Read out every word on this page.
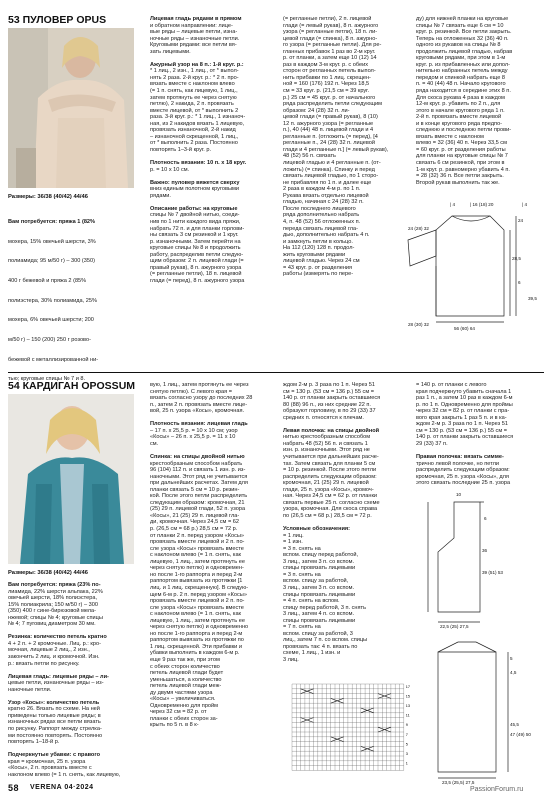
53 ПУЛОВЕР OPUS
Размеры: 36/38 (40/42) 44/46

Вам потребуется: пряжа 1 (82%

мохера, 15% овечьей шерсти, 3%

полиамида; 95 м/50 г) – 300 (350)

400 г бежевой и пряжа 2 (85%

полиэстера, 30% полиамида, 25%

мохера, 6% овечьей шерсти; 200

м/50 г) – 150 (200) 250 г розово-

бежевой с металлизированной ни-

тью; круговые спицы № 7 и 8.

Лицевая гладь рядами в прямом
и обратном направлении: лице-
вые ряды – лицевые петли, изна-
ночные ряды – изнаночные петли.
Круговыми рядами: все петли вя-
зать лицевыми.

Ажурный узор на 8 п.: 1-й круг. р.:
* 1 лиц., 2 изн., 1 лиц., от * выпол-
нять 2 раза. 2-й круг. р.: * 2 п. про-
вязать вместе с наклоном влево
(= 1 п. снять, как лицевую, 1 лиц.,
затем протянуть ее через снятую
петлю), 2 накида, 2 п. провязать
вместе лицевой, от * выполнить 2
раза. 3-й круг. р.: * 1 лиц., 1 изнаноч-
ная, из 2 накидов вязать 1 лицевую,
провязать изнаночной, 2-й накид
– изнаночной скрещенной, 1 лиц.,
от * выполнить 2 раза. Постоянно
повторять 1–3-й круг. р.

Плотность вязания: 10 п. х 18 круг.
р. = 10 х 10 см.

Важно: пуловер вяжется сверху
вниз единым полотном круговыми
рядами.

Описание работы: на круговые
спицы № 7 двойной нитью, соеди-
нив по 1 нити каждого вида пряжи,
набрать 72 п. и для планки горлови-
ны связать 3 см резинкой и 1 круг.
р. изнаночными. Затем перейти на
круговые спицы № 8 и продолжить
работу, распределив петли следую-
щим образом: 2 п. лицевой глади (=
правый рукав), 8 п. ажурного узора
(= регланные петли), 18 п. лицевой
глади (= перед), 8 п. ажурного узора
(= регланные петли), 2 п. лицевой
глади (= левый рукав), 8 п. ажурного
узора (= регланные петли), 18 п. ли-
цевой глади (= спинка), 8 п. ажурно-
го узора (= регланные петли). Для ре-
гланных прибавок 1 раз во 2-м круг.
р. от планки, а затем еще 10 (12) 14
раз в каждом 3-м круг. р. с обеих
сторон от регланных петель выпол-
нить прибавки по 1 лиц. скрещен-
ной = 160 (176) 192 п. Через 18,5
см = 33 круг. р. (21,5 см = 39 круг.
р.) 25 см = 45 круг. р. от начального
ряда распределить петли следующим
образом: 24 (28) 32 п. ли-
цевой глади (= правый рукав), 8 (10)
12 п. ажурного узора (= регланные
п.), 40 (44) 48 п. лицевой глади и 4
регланные п. (отложить (= перед), [4
регланные п., 24 (28) 32 п. лицевой
глади и 4 регланные п.] (= левый рукав),
48 (52) 56 п. связать
лицевой гладью и 4 регланные п. (от-
ложить) (= спинка). Спинку и перед
связать лицевой гладью, по 1 сторо-
не прибавляя по 1 п. и далее еще
2 раза в каждом 4-м р. по 1 п.
Рукава вязать отдельно лицевой
гладью, начиная с 24 (28) 32 п.
После последнего лицевого
ряда дополнительно набрать
4, п. 48 (52) 56 отложенных п.
переда связать лицевой гла-
дью, дополнительно набрать 4 п.
и замкнуть петли в кольцо.
На 112 (120) 128 п. продол-
жить круговыми рядами
лицевой гладью. Через 24 см
= 43 круг. р. от разделения
работы (измерять по пере-
ду) для нижней планки на круговые
спицы № 7 связать еще 6 см = 10
круг. р. резинкой. Все петли закрыть.
Теперь на отложенных 32 (36) 40 п.
одного из рукавов на спицы № 8
продолжить лицевой гладью, набрав
круговыми рядами, при этом в 1-м
круг. р. из прибавленных или допол-
нительно набранных петель между
передом и спинкой набрать еще 8
п. = 40 (44) 48 п. Начало кругового
ряда находится в середине этих 8 п.
Для скоса рукава 4 раза в каждом
12-м круг. р. убавить по 2 п., для
этого в начале кругового ряда 1 п.
2-й п. провязать вместе лицевой
и в конце кругового ряда предпо-
следнюю и последнюю петли прови-
вязать вместе с наклоном
влево = 32 (36) 40 п. Через 33,5 см
= 60 круг. р. от разделения работы
для планки на круговые спицы № 7
связать 6 см резинкой, при этом в
1-м круг. р. равномерно убавить 4 п.
= 28 (32) 36 п. Все петли закрыть.
Второй рукав выполнить так же.
| 4	| 16 (18) 20	| 4
24 (28) 32
24
6
39,5
28 (30) 32
56 (60) 64
28,5
54 КАРДИГАН OPOSSUM
Размеры: 36/38 (40/42) 44/46
Вам потребуется: пряжа (23% по-
лиамида, 22% шерсти альпака, 22%
овечьей шерсти, 18% полиэстера,
15% полиакрила; 150 м/50 г) – 300
(350) 400 г сине-бирюзовой мела-
нжевой; спицы № 4; круговые спицы
№ 4; 7 пуговиц диаметром 30 мм.

Резинка: количество петель кратно
4 + 2 п. + 2 кромочные. Лиц. р.: кро-
мочная, лицевые 2 лиц., 2 изн.,
закончить 2 лиц. и кромочной. Изн.
р.: вязать петли по рисунку.

Лицевая гладь: лицевые ряды – ли-
цевые петли, изнаночные ряды – из-
наночные петли.

Узор «Косы»: количество петель
кратно 26. Вязать по схеме. На ней
приведены только лицевые ряды; в
изнаночных рядах все петли вязать
по рисунку. Раппорт между стрелка-
ми постоянно повторять. Постоянно
повторять 1–18-й р.

Подчеркнутые убавки: с правого
края = кромочная, 25 п. узора
«Косы», 2 п. провязать вместе с
наклоном влево (= 1 п. снять, как лицевую,
вую, 1 лиц., затем протянуть ее через
снятую петлю). С левого края =
вязать согласно узору до последних 28
п., затем 2 п. провязать вместе лице-
вой, 25 п. узора «Косы», кромочная.

Плотность вязания: лицевая гладь
– 17 п. х 25,5 р. = 10 х 10 см; узор
«Косы» – 26 п. х 25,5 р. = 11 х 10
см.

Спинка: на спицы двойной нитью
крестообразным способом набрать
96 (104) 112 п. и связать 1 изн. р. из-
наночными. Этот ряд не учитывается
при дальнейших расчетах. Затем для
планки связать 5 см = 10 р. резин-
кой. После этого петли распределить
следующим образом: кромочная, 21
(25) 29 п. лицевой глади, 52 п. узора
«Косы», 21 (25) 29 п. лицевой гла-
ди, кромочная. Через 24,5 см = 62
р. (26,5 см = 68 р.) 28,5 см = 72 р.
от планки 2 п. перед узором «Косы»
провязать вместе лицевой и 2 п. по-
сле узора «Косы» провязать вместе
с наклоном влево (= 1 п. снять, как
лицевую, 1 лиц., затем протянуть ее
через снятую петлю) и одновремен-
но после 1-го раппорта и перед 2-м
раппортом вывязать из протяжки [1
лиц. и 1 лиц. скрещенную]. В следую-
щем 6-м р. 2 п. перед узором «Косы»
провязать вместе лицевой и 2 п. по-
сле узора «Косы» провязать вместе
с наклоном влево (= 1 п. снять, как
лицевую, 1 лиц., затем протянуть ее
через снятую петлю) и одновременно
но после 1-го раппорта и перед 2-м
раппортом вывязать из протяжки по
1 лиц. скрещенной. Эти прибавки и
убавки выполнить в каждом 6-м р.
еще 9 раз так же, при этом
с обеих сторон количество
петель лицевой глади будет
уменьшаться, а количество
петель лицевой глади меж-
ду двумя частями узора
«Косы» – увеличиваться.
Одновременно для пройм
через 32 см = 82 р. от
планки с обеих сторон за-
крыть по 5 п. в 8 к-
ждом 2-м р. 3 раза по 1 п. Через 51
см = 130 р. (53 см = 136 р.) 55 см =
140 р. от планки закрыть оставшиеся
80 (88) 96 п., из них средние 22 п.
образуют горловину, в по 29 (33) 37
средних п. относятся к плечам.

Левая полочка: на спицы двойной
нитью крестообразным способом
набрать 48 (52) 56 п. и связать 1
изн. р. изнаночными. Этот ряд не
учитывается при дальнейших расче-
тах. Затем связать для планки 5 см
= 10 р. резинкой. После этого петли
распределить следующим образом:
кромочная, 21 (25) 29 п. лицевой
глади, 25 п. узора «Косы», кромоч-
ная. Через 24,5 см = 62 р. от планки
связать первые 25 п. согласно схеме
узора, кромочная. Для скоса справа
по (26,5 см = 68 р.) 28,5 см = 72 р.

Условные обозначения:
= 1 лиц.
= 1 изн.
= 3 п. снять на
вспом. спицу перед работой,
3 лиц., затем 3 п. со вспом.
спицы провязать лицевыми
= 3 п. снять на
вспом. спицу за работой,
3 лиц., затем 3 п. со вспом.
спицы провязать лицевыми
= 4 п. снять на вспом.
спицу перед работой, 3 п. снять
3 лиц., затем 4 п. со вспом.
спицы провязать лицевыми
= 7 п. снять на
вспом. спицу за работой, 3
лиц., затем 7 п. со вспом. спицы
провязать так: 4 п. вязать по
схеме, 1 лиц., 1 изн. и
3 лиц.
= 140 р. от планки с левого
края подчеркнуто убавить сначала 1
раз 1 п., а затем 10 раз в каждом 6-м
р. по 1 п. Одновременно для проймы
через 32 см = 82 р. от планки с пра-
вого края закрыть 1 раз 5 п. и в ка-
ждом 2-м р. 3 раза по 1 п. Через 51
см = 130 р. (53 см = 136 р.) 55 см =
140 р. от планки закрыть оставшиеся
29 (33) 37 п.

Правая полочка: вязать симме-
трично левой полочке, но петли
распределить следующим образом:
кромочная, 25 п. узора «Косы», для
этого связать последние 25 п. узора
10
6
36
39 (51) 53
22,5 (25) 27,5
5
4,5
45,5
47 (49) 50
23,5 (25,5) 27,5
17
15
13
11
9
7
5
3
1
58 VERENA 04·2024	PassionForum.ru
